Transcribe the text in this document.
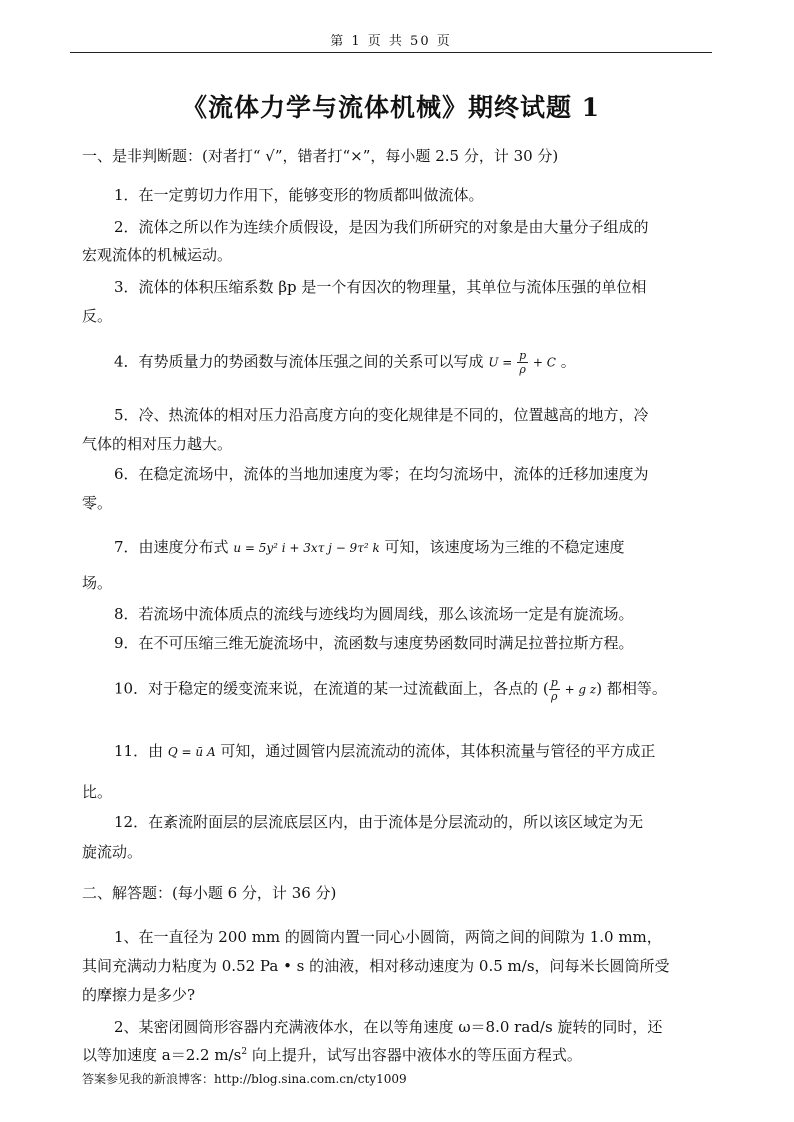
第 1 页 共 50 页
《流体力学与流体机械》期终试题 1
一、是非判断题：(对者打“ √”，错者打“×”，每小题 2.5 分，计 30 分)
1．在一定剪切力作用下，能够变形的物质都叫做流体。
2．流体之所以作为连续介质假设，是因为我们所研究的对象是由大量分子组成的
宏观流体的机械运动。
3．流体的体积压缩系数 βp 是一个有因次的物理量，其单位与流体压强的单位相
反。
4．有势质量力的势函数与流体压强之间的关系可以写成 $U = \frac{p}{\rho} + C$ 。
5．冷、热流体的相对压力沿高度方向的变化规律是不同的，位置越高的地方，冷
气体的相对压力越大。
6．在稳定流场中，流体的当地加速度为零；在均匀流场中，流体的迁移加速度为
零。
7．由速度分布式 u = 5y² i + 3xτ j − 9τ² k 可知，该速度场为三维的不稳定速度
场。
8．若流场中流体质点的流线与迹线均为圆周线，那么该流场一定是有旋流场。
9．在不可压缩三维无旋流场中，流函数与速度势函数同时满足拉普拉斯方程。
10．对于稳定的缓变流来说，在流道的某一过流截面上，各点的 ( $\frac{p}{\rho} + g$ z) 都相等。
11．由 Q = ū A 可知，通过圆管内层流流动的流体，其体积流量与管径的平方成正
比。
12．在紊流附面层的层流底层区内，由于流体是分层流动的，所以该区域定为无
旋流动。
二、解答题：(每小题 6 分，计 36 分)
1、在一直径为 200 mm 的圆筒内置一同心小圆筒，两筒之间的间隙为 1.0 mm，
其间充满动力粘度为 0.52 Pa • s 的油液，相对移动速度为 0.5 m/s，问每米长圆筒所受
的摩擦力是多少?
2、某密闭圆筒形容器内充满液体水，在以等角速度 ω＝8.0 rad/s 旋转的同时，还
以等加速度 a＝2.2 $m/s^2$ 向上提升，试写出容器中液体水的等压面方程式。
答案参见我的新浪博客：http://blog.sina.com.cn/cty1009
